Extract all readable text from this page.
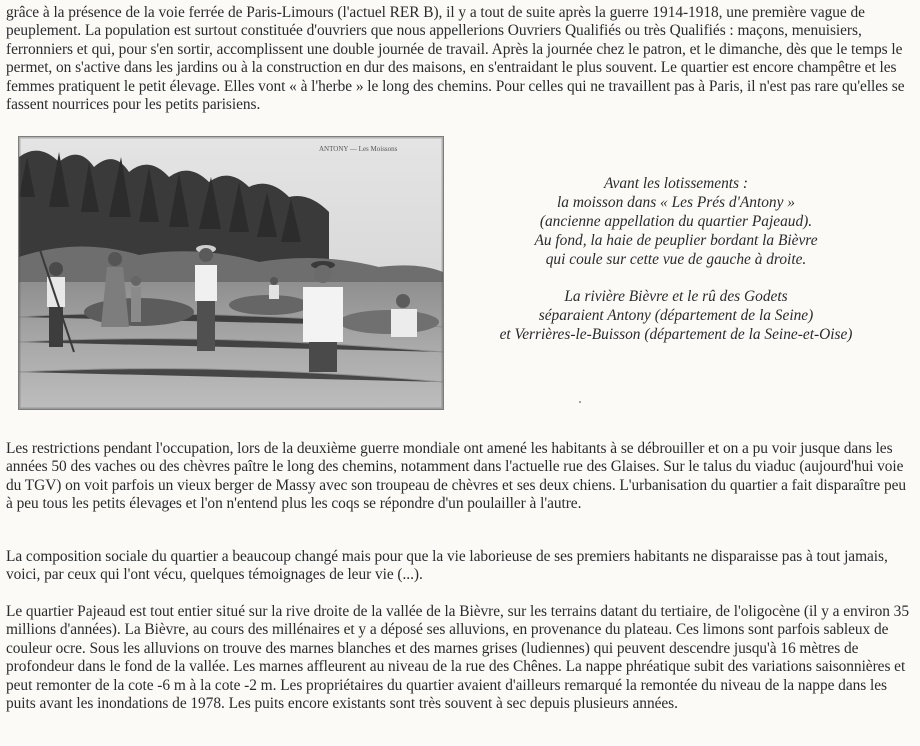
grâce à la présence de la voie ferrée de Paris-Limours (l'actuel RER B), il y a tout de suite après la guerre 1914-1918, une première vague de peuplement. La population est surtout constituée d'ouvriers que nous appellerions Ouvriers Qualifiés ou très Qualifiés : maçons, menuisiers, ferronniers et qui, pour s'en sortir, accomplissent une double journée de travail. Après la journée chez le patron, et le dimanche, dès que le temps le permet, on s'active dans les jardins ou à la construction en dur des maisons, en s'entraidant le plus souvent. Le quartier est encore champêtre et les femmes pratiquent le petit élevage. Elles vont « à l'herbe » le long des chemins. Pour celles qui ne travaillent pas à Paris, il n'est pas rare qu'elles se fassent nourrices pour les petits parisiens.

ANTONY — Les Moissons
Avant les lotissements :
la moisson dans « Les Prés d'Antony »
(ancienne appellation du quartier Pajeaud).
Au fond, la haie de peuplier bordant la Bièvre
qui coule sur cette vue de gauche à droite.
La rivière Bièvre et le rû des Godets
séparaient Antony (département de la Seine)
et Verrières-le-Buisson (département de la Seine-et-Oise)

Les restrictions pendant l'occupation, lors de la deuxième guerre mondiale ont amené les habitants à se débrouiller et on a pu voir jusque dans les années 50 des vaches ou des chèvres paître le long des chemins, notamment dans l'actuelle rue des Glaises. Sur le talus du viaduc (aujourd'hui voie du TGV) on voit parfois un vieux berger de Massy avec son troupeau de chèvres et ses deux chiens. L'urbanisation du quartier a fait disparaître peu à peu tous les petits élevages et l'on n'entend plus les coqs se répondre d'un poulailler à l'autre.

La composition sociale du quartier a beaucoup changé mais pour que la vie laborieuse de ses premiers habitants ne disparaisse pas à tout jamais, voici, par ceux qui l'ont vécu, quelques témoignages de leur vie (...).

Le quartier Pajeaud est tout entier situé sur la rive droite de la vallée de la Bièvre, sur les terrains datant du tertiaire, de l'oligocène (il y a environ 35 millions d'années). La Bièvre, au cours des millénaires et y a déposé ses alluvions, en provenance du plateau. Ces limons sont parfois sableux de couleur ocre. Sous les alluvions on trouve des marnes blanches et des marnes grises (ludiennes) qui peuvent descendre jusqu'à 16 mètres de profondeur dans le fond de la vallée. Les marnes affleurent au niveau de la rue des Chênes. La nappe phréatique subit des variations saisonnières et peut remonter de la cote -6 m à la cote -2 m. Les propriétaires du quartier avaient d'ailleurs remarqué la remontée du niveau de la nappe dans les puits avant les inondations de 1978. Les puits encore existants sont très souvent à sec depuis plusieurs années.
